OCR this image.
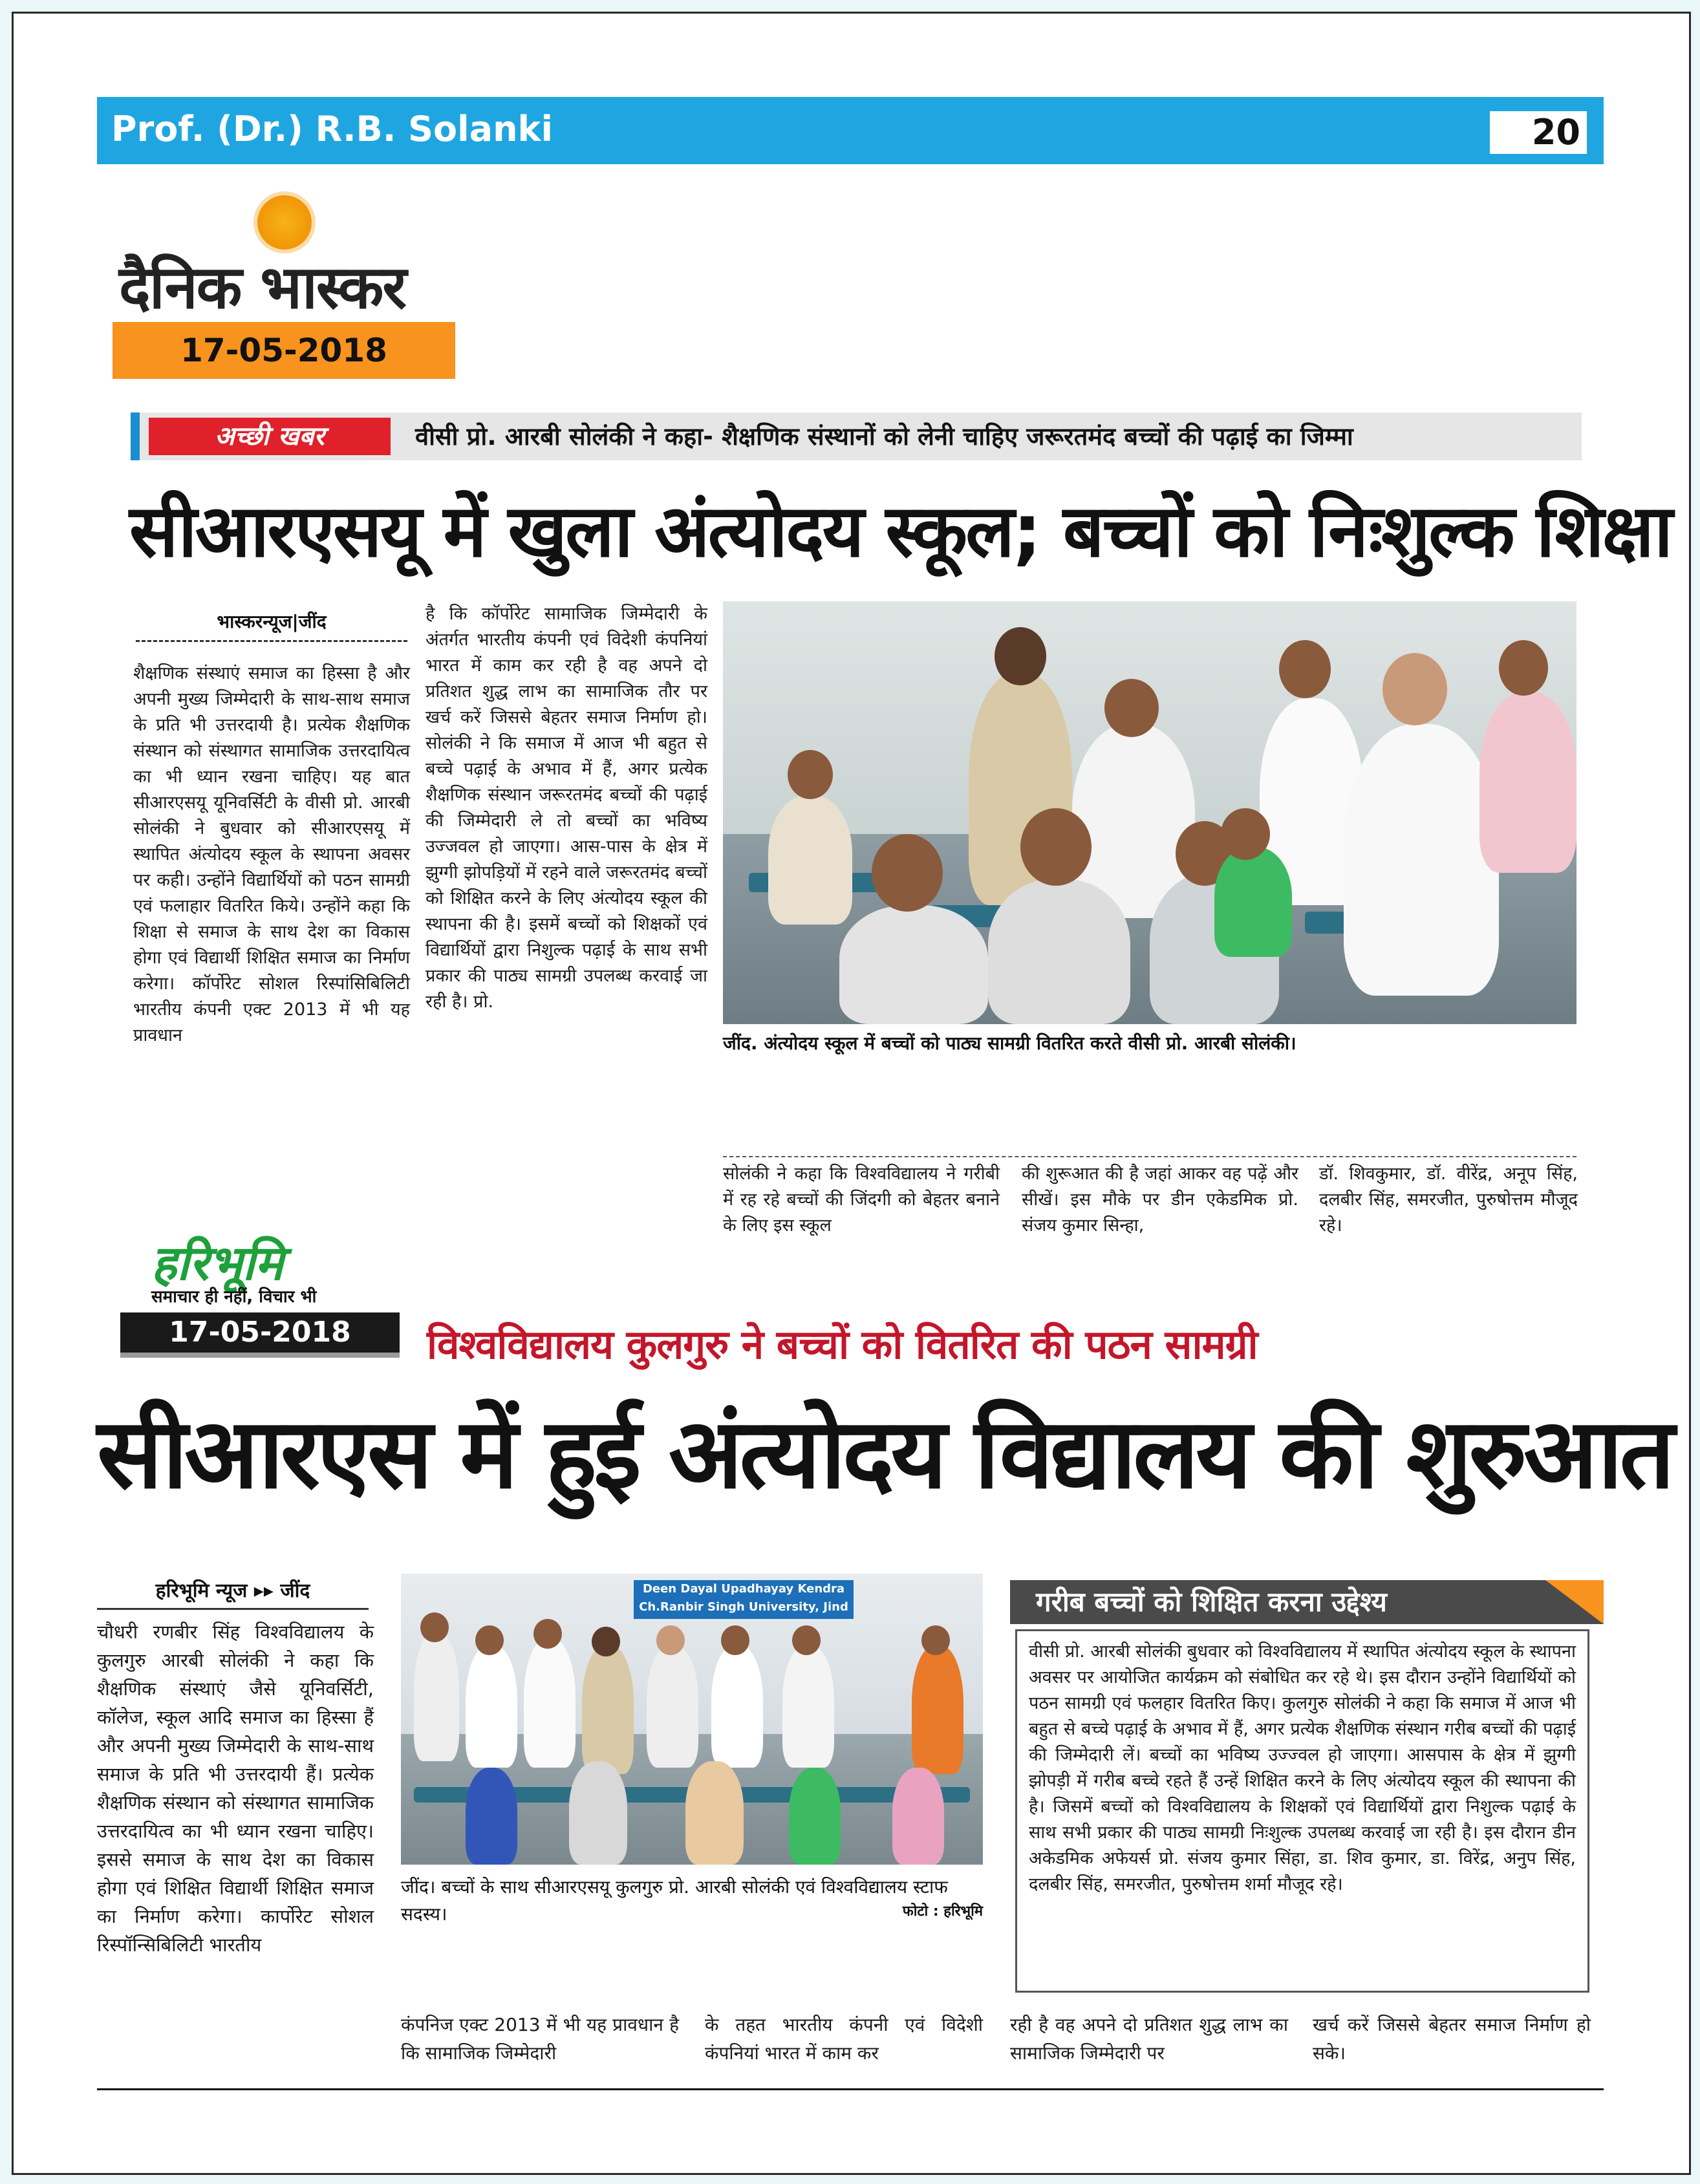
Prof. (Dr.) R.B. Solanki	20
दैनिक भास्कर
17-05-2018
अच्छी खबर	वीसी प्रो. आरबी सोलंकी ने कहा- शैक्षणिक संस्थानों को लेनी चाहिए जरूरतमंद बच्चों की पढ़ाई का जिम्मा
सीआरएसयू में खुला अंत्योदय स्कूल; बच्चों को निःशुल्क शिक्षा
भास्करन्यूज|जींद
शैक्षणिक संस्थाएं समाज का हिस्सा है और अपनी मुख्य जिम्मेदारी के साथ-साथ समाज के प्रति भी उत्तरदायी है। प्रत्येक शैक्षणिक संस्थान को संस्थागत सामाजिक उत्तरदायित्व का भी ध्यान रखना चाहिए। यह बात सीआरएसयू यूनिवर्सिटी के वीसी प्रो. आरबी सोलंकी ने बुधवार को सीआरएसयू में स्थापित अंत्योदय स्कूल के स्थापना अवसर पर कही। उन्होंने विद्यार्थियों को पठन सामग्री एवं फलाहार वितरित किये। उन्होंने कहा कि शिक्षा से समाज के साथ देश का विकास होगा एवं विद्यार्थी शिक्षित समाज का निर्माण करेगा। कॉर्पोरेट सोशल रिस्पांसिबिलिटी भारतीय कंपनी एक्ट 2013 में भी यह प्रावधान
है कि कॉर्पोरेट सामाजिक जिम्मेदारी के अंतर्गत भारतीय कंपनी एवं विदेशी कंपनियां भारत में काम कर रही है वह अपने दो प्रतिशत शुद्ध लाभ का सामाजिक तौर पर खर्च करें जिससे बेहतर समाज निर्माण हो। सोलंकी ने कि समाज में आज भी बहुत से बच्चे पढ़ाई के अभाव में हैं, अगर प्रत्येक शैक्षणिक संस्थान जरूरतमंद बच्चों की पढ़ाई की जिम्मेदारी ले तो बच्चों का भविष्य उज्जवल हो जाएगा। आस-पास के क्षेत्र में झुग्गी झोपड़ियों में रहने वाले जरूरतमंद बच्चों को शिक्षित करने के लिए अंत्योदय स्कूल की स्थापना की है। इसमें बच्चों को शिक्षकों एवं विद्यार्थियों द्वारा निशुल्क पढ़ाई के साथ सभी प्रकार की पाठ्य सामग्री उपलब्ध करवाई जा रही है। प्रो.
जींद. अंत्योदय स्कूल में बच्चों को पाठ्य सामग्री वितरित करते वीसी प्रो. आरबी सोलंकी।
सोलंकी ने कहा कि विश्वविद्यालय ने गरीबी में रह रहे बच्चों की जिंदगी को बेहतर बनाने के लिए इस स्कूल
की शुरूआत की है जहां आकर वह पढ़ें और सीखें। इस मौके पर डीन एकेडमिक प्रो. संजय कुमार सिन्हा,
डॉ. शिवकुमार, डॉ. वीरेंद्र, अनूप सिंह, दलबीर सिंह, समरजीत, पुरुषोत्तम मौजूद रहे।
हरिभूमि
समाचार ही नहीं, विचार भी
17-05-2018	विश्वविद्यालय कुलगुरु ने बच्चों को वितरित की पठन सामग्री
सीआरएस में हुई अंत्योदय विद्यालय की शुरुआत
हरिभूमि न्यूज ▸▸ जींद
चौधरी रणबीर सिंह विश्वविद्यालय के कुलगुरु आरबी सोलंकी ने कहा कि शैक्षणिक संस्थाएं जैसे यूनिवर्सिटी, कॉलेज, स्कूल आदि समाज का हिस्सा हैं और अपनी मुख्य जिम्मेदारी के साथ-साथ समाज के प्रति भी उत्तरदायी हैं। प्रत्येक शैक्षणिक संस्थान को संस्थागत सामाजिक उत्तरदायित्व का भी ध्यान रखना चाहिए। इससे समाज के साथ देश का विकास होगा एवं शिक्षित विद्यार्थी शिक्षित समाज का निर्माण करेगा। कार्पोरेट सोशल रिस्पॉन्सिबिलिटी भारतीय
Deen Dayal Upadhayay Kendra
Ch.Ranbir Singh University, Jind
जींद। बच्चों के साथ सीआरएसयू कुलगुरु प्रो. आरबी सोलंकी एवं विश्वविद्यालय स्टाफ सदस्य।	फोटो : हरिभूमि
गरीब बच्चों को शिक्षित करना उद्देश्य
वीसी प्रो. आरबी सोलंकी बुधवार को विश्वविद्यालय में स्थापित अंत्योदय स्कूल के स्थापना अवसर पर आयोजित कार्यक्रम को संबोधित कर रहे थे। इस दौरान उन्होंने विद्यार्थियों को पठन सामग्री एवं फलहार वितरित किए। कुलगुरु सोलंकी ने कहा कि समाज में आज भी बहुत से बच्चे पढ़ाई के अभाव में हैं, अगर प्रत्येक शैक्षणिक संस्थान गरीब बच्चों की पढ़ाई की जिम्मेदारी लें। बच्चों का भविष्य उज्ज्वल हो जाएगा। आसपास के क्षेत्र में झुग्गी झोपड़ी में गरीब बच्चे रहते हैं उन्हें शिक्षित करने के लिए अंत्योदय स्कूल की स्थापना की है। जिसमें बच्चों को विश्वविद्यालय के शिक्षकों एवं विद्यार्थियों द्वारा निशुल्क पढ़ाई के साथ सभी प्रकार की पाठ्य सामग्री निःशुल्क उपलब्ध करवाई जा रही है। इस दौरान डीन अकेडमिक अफेयर्स प्रो. संजय कुमार सिंहा, डा. शिव कुमार, डा. विरेंद्र, अनुप सिंह, दलबीर सिंह, समरजीत, पुरुषोत्तम शर्मा मौजूद रहे।
कंपनिज एक्ट 2013 में भी यह प्रावधान है कि सामाजिक जिम्मेदारी
के तहत भारतीय कंपनी एवं विदेशी कंपनियां भारत में काम कर
रही है वह अपने दो प्रतिशत शुद्ध लाभ का सामाजिक जिम्मेदारी पर
खर्च करें जिससे बेहतर समाज निर्माण हो सके।
